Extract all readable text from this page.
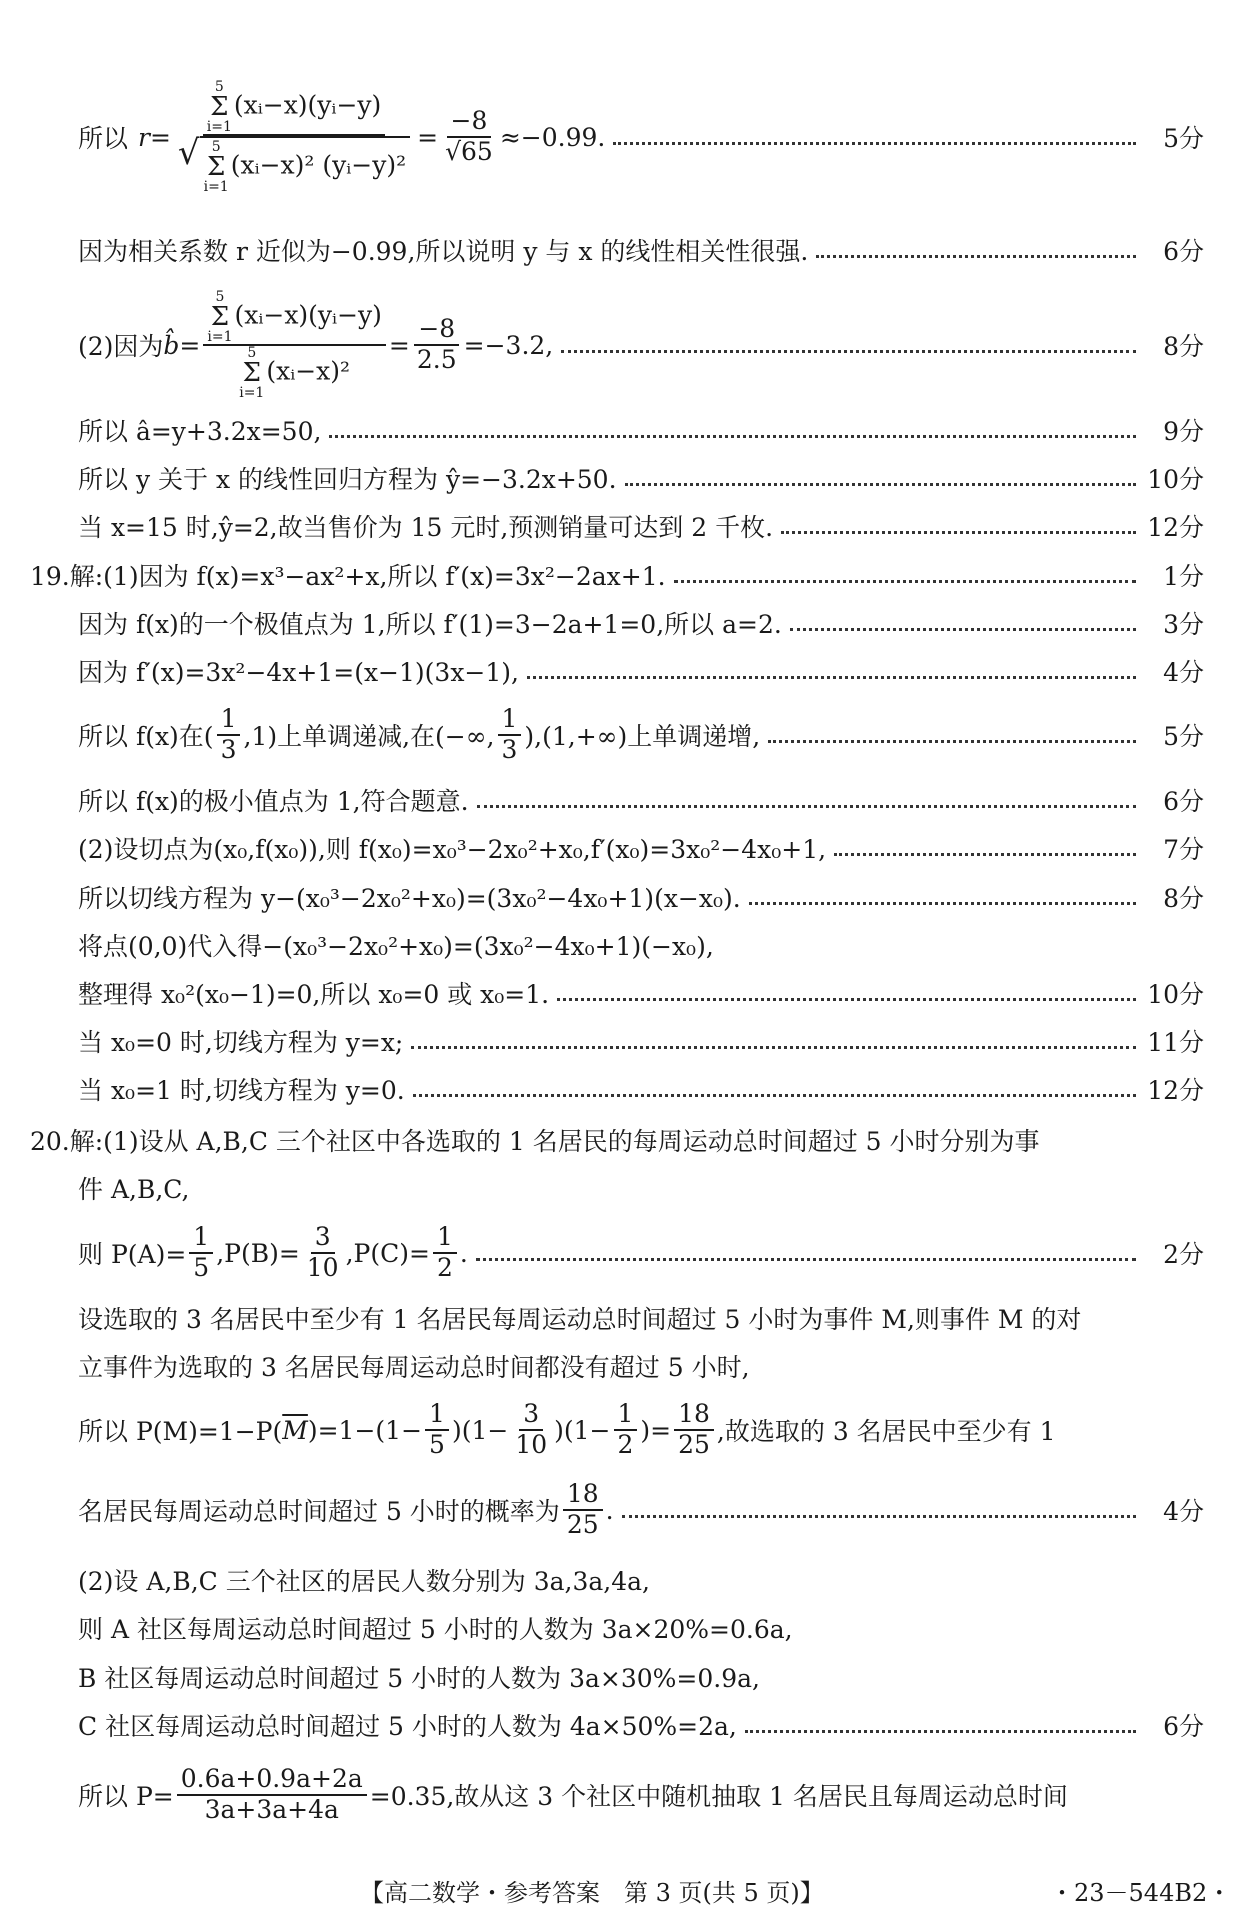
所以 r= 5
Σ
i=1
(xᵢ−x)(yᵢ−y)
√ 5
Σ
i=1
(xᵢ−x)² (yᵢ−y)² = $\frac{-8}{√65} \approx-0.99$.	5分
因为相关系数 r 近似为−0.99,所以说明 y 与 x 的线性相关性很强.	6分
(2)因为 b̂= 5
Σ
i=1
(xᵢ−x)(yᵢ−y)
5
Σ
i=1
(xᵢ−x)² = $\frac{-8}{2.5} =-3.2$,	8分
所以 â=y+3.2x=50,	9分
所以 y 关于 x 的线性回归方程为 ŷ=−3.2x+50.	10分
当 x=15 时,ŷ=2,故当售价为 15 元时,预测销量可达到 2 千枚.	12分
19.解:(1)因为 f(x)=x³−ax²+x,所以 f′(x)=3x²−2ax+1.	1分
因为 f(x)的一个极值点为 1,所以 f′(1)=3−2a+1=0,所以 a=2.	3分
因为 f′(x)=3x²−4x+1=(x−1)(3x−1),	4分
所以 f(x)在( $\frac{1}{3} ,1$)上单调递减,在(−∞, $\frac{1}{3} ),(1,+\infty)$上单调递增,	5分
所以 f(x)的极小值点为 1,符合题意.	6分
(2)设切点为(x₀,f(x₀)),则 f(x₀)=x₀³−2x₀²+x₀,f′(x₀)=3x₀²−4x₀+1,	7分
所以切线方程为 y−(x₀³−2x₀²+x₀)=(3x₀²−4x₀+1)(x−x₀).	8分
将点(0,0)代入得−(x₀³−2x₀²+x₀)=(3x₀²−4x₀+1)(−x₀),
整理得 x₀²(x₀−1)=0,所以 x₀=0 或 x₀=1.	10分
当 x₀=0 时,切线方程为 y=x;	11分
当 x₀=1 时,切线方程为 y=0.	12分
20.解:(1)设从 A,B,C 三个社区中各选取的 1 名居民的每周运动总时间超过 5 小时分别为事
件 A,B,C,
则 $P(A)= \frac{1}{5} ,P(B)= \frac{3}{10} ,P(C)= \frac{1}{2}$ .	2分
设选取的 3 名居民中至少有 1 名居民每周运动总时间超过 5 小时为事件 M,则事件 M 的对
立事件为选取的 3 名居民每周运动总时间都没有超过 5 小时,
所以 P(M)=1−P( $\overline{M}$ )$=1-(1- \frac{1}{5} )(1- \frac{3}{10} )(1- \frac{1}{2}$ )= $\frac{18}{25}$ ,故选取的 3 名居民中至少有 1
名居民每周运动总时间超过 5 小时的概率为 $\frac{18}{25}$ .	4分
(2)设 A,B,C 三个社区的居民人数分别为 3a,3a,4a,
则 A 社区每周运动总时间超过 5 小时的人数为 3a×20%=0.6a,
B 社区每周运动总时间超过 5 小时的人数为 3a×30%=0.9a,
C 社区每周运动总时间超过 5 小时的人数为 4a×50%=2a,	6分
所以 $P= \frac{0.6a+0.9a+2a}{3a+3a+4a} =0.35$,故从这 3 个社区中随机抽取 1 名居民且每周运动总时间
【高二数学・参考答案　第 3 页(共 5 页)】	・23－544B2・
